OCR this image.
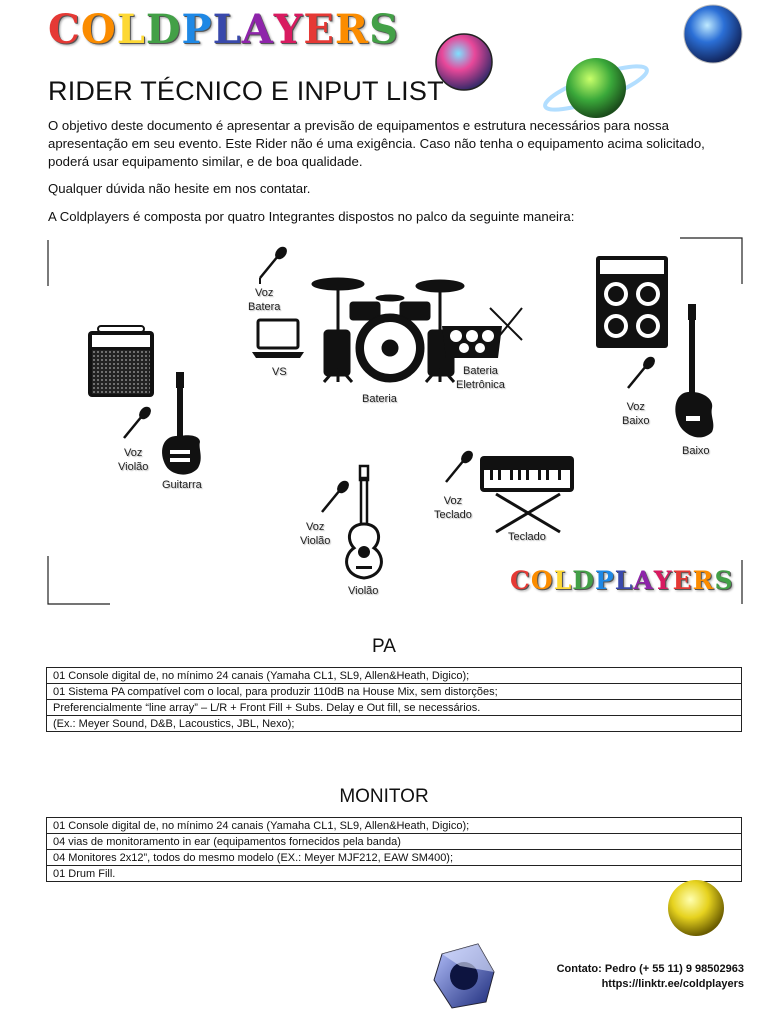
COLDPLAYERS
RIDER TÉCNICO E INPUT LIST

O objetivo deste documento é apresentar a previsão de equipamentos e estrutura necessários para nossa apresentação em seu evento. Este Rider não é uma exigência. Caso não tenha o equipamento acima solicitado, poderá usar equipamento similar, e de boa qualidade.

Qualquer dúvida não hesite em nos contatar.

A Coldplayers é composta por quatro Integrantes dispostos no palco da seguinte maneira:

Voz
Batera
VS
Bateria
Bateria
Eletrônica
Voz
Baixo
Baixo
Voz
Violão
Guitarra
Voz
Teclado
Teclado
Voz
Violão
Violão	COLDPLAYERS
PA
01 Console digital de, no mínimo 24 canais (Yamaha CL1, SL9, Allen&Heath, Digico);
01 Sistema PA compatível com o local, para produzir 110dB na House Mix, sem distorções;
Preferencialmente “line array” – L/R + Front Fill + Subs. Delay e Out fill, se necessários.
(Ex.: Meyer Sound, D&B, Lacoustics, JBL, Nexo);
MONITOR
01 Console digital de, no mínimo 24 canais (Yamaha CL1, SL9, Allen&Heath, Digico);
04 vias de monitoramento in ear (equipamentos fornecidos pela banda)
04 Monitores 2x12”, todos do mesmo modelo (EX.: Meyer MJF212, EAW SM400);
01 Drum Fill.
Contato: Pedro (+ 55 11) 9 98502963
https://linktr.ee/coldplayers
